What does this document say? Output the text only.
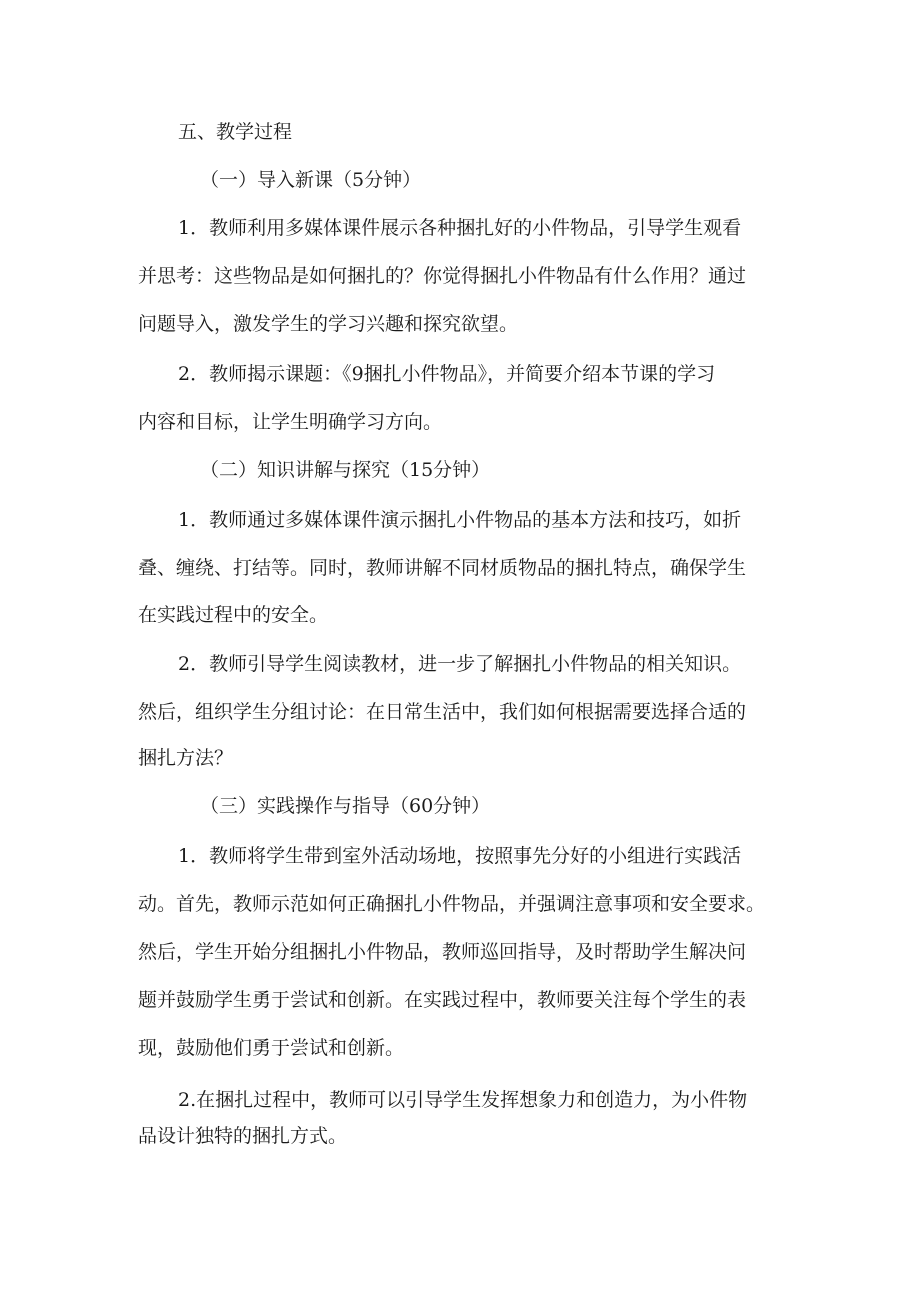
五、教学过程

（一）导入新课（5分钟）

1．教师利用多媒体课件展示各种捆扎好的小件物品，引导学生观看

并思考：这些物品是如何捆扎的？你觉得捆扎小件物品有什么作用？通过

问题导入，激发学生的学习兴趣和探究欲望。

2．教师揭示课题：《9捆扎小件物品》，并简要介绍本节课的学习

内容和目标，让学生明确学习方向。

（二）知识讲解与探究（15分钟）

1．教师通过多媒体课件演示捆扎小件物品的基本方法和技巧，如折

叠、缠绕、打结等。同时，教师讲解不同材质物品的捆扎特点，确保学生

在实践过程中的安全。

2．教师引导学生阅读教材，进一步了解捆扎小件物品的相关知识。

然后，组织学生分组讨论：在日常生活中，我们如何根据需要选择合适的

捆扎方法？

（三）实践操作与指导（60分钟）

1．教师将学生带到室外活动场地，按照事先分好的小组进行实践活

动。首先，教师示范如何正确捆扎小件物品，并强调注意事项和安全要求。

然后，学生开始分组捆扎小件物品，教师巡回指导，及时帮助学生解决问

题并鼓励学生勇于尝试和创新。在实践过程中，教师要关注每个学生的表

现，鼓励他们勇于尝试和创新。

2.在捆扎过程中，教师可以引导学生发挥想象力和创造力，为小件物

品设计独特的捆扎方式。
